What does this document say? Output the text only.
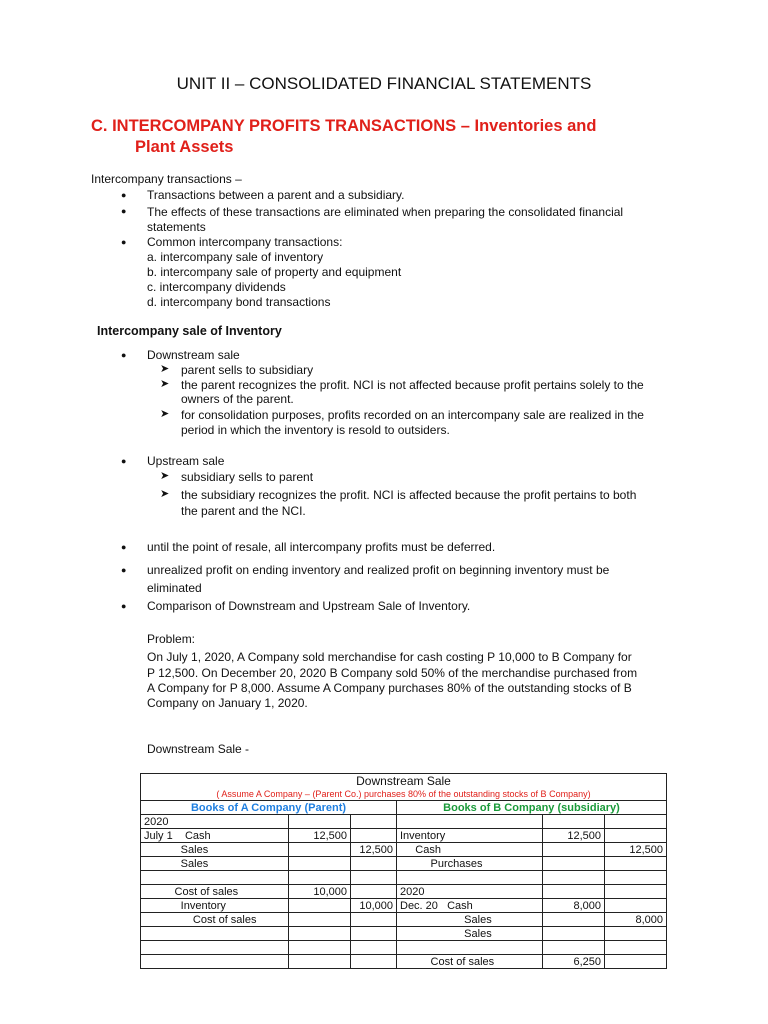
UNIT II – CONSOLIDATED FINANCIAL STATEMENTS
C. INTERCOMPANY PROFITS TRANSACTIONS – Inventories and
Plant Assets
Intercompany transactions –
● Transactions between a parent and a subsidiary.
● The effects of these transactions are eliminated when preparing the consolidated financial
statements
● Common intercompany transactions:
a. intercompany sale of inventory
b. intercompany sale of property and equipment
c. intercompany dividends
d. intercompany bond transactions
Intercompany sale of Inventory
● Downstream sale
➤ parent sells to subsidiary
➤ the parent recognizes the profit. NCI is not affected because profit pertains solely to the
owners of the parent.
➤ for consolidation purposes, profits recorded on an intercompany sale are realized in the
period in which the inventory is resold to outsiders.
● Upstream sale
➤ subsidiary sells to parent
➤ the subsidiary recognizes the profit. NCI is affected because the profit pertains to both
the parent and the NCI.
● until the point of resale, all intercompany profits must be deferred.
● unrealized profit on ending inventory and realized profit on beginning inventory must be
eliminated
● Comparison of Downstream and Upstream Sale of Inventory.
Problem:
On July 1, 2020, A Company sold merchandise for cash costing P 10,000 to B Company for
P 12,500. On December 20, 2020 B Company sold 50% of the merchandise purchased from
A Company for P 8,000. Assume A Company purchases 80% of the outstanding stocks of B
Company on January 1, 2020.
Downstream Sale -
Downstream Sale					
( Assume A Company – (Parent Co.) purchases 80% of the outstanding stocks of B Company)					
Books of A Company (Parent)			Books of B Company (subsidiary)		
2020					
July 1    Cash	12,500		Inventory	12,500	
Sales		12,500	Cash		12,500
Sales			Purchases		

Cost of sales	10,000		2020		
Inventory		10,000	Dec. 20   Cash	8,000	
Cost of sales			Sales		8,000
			Sales		

			Cost of sales	6,250	
